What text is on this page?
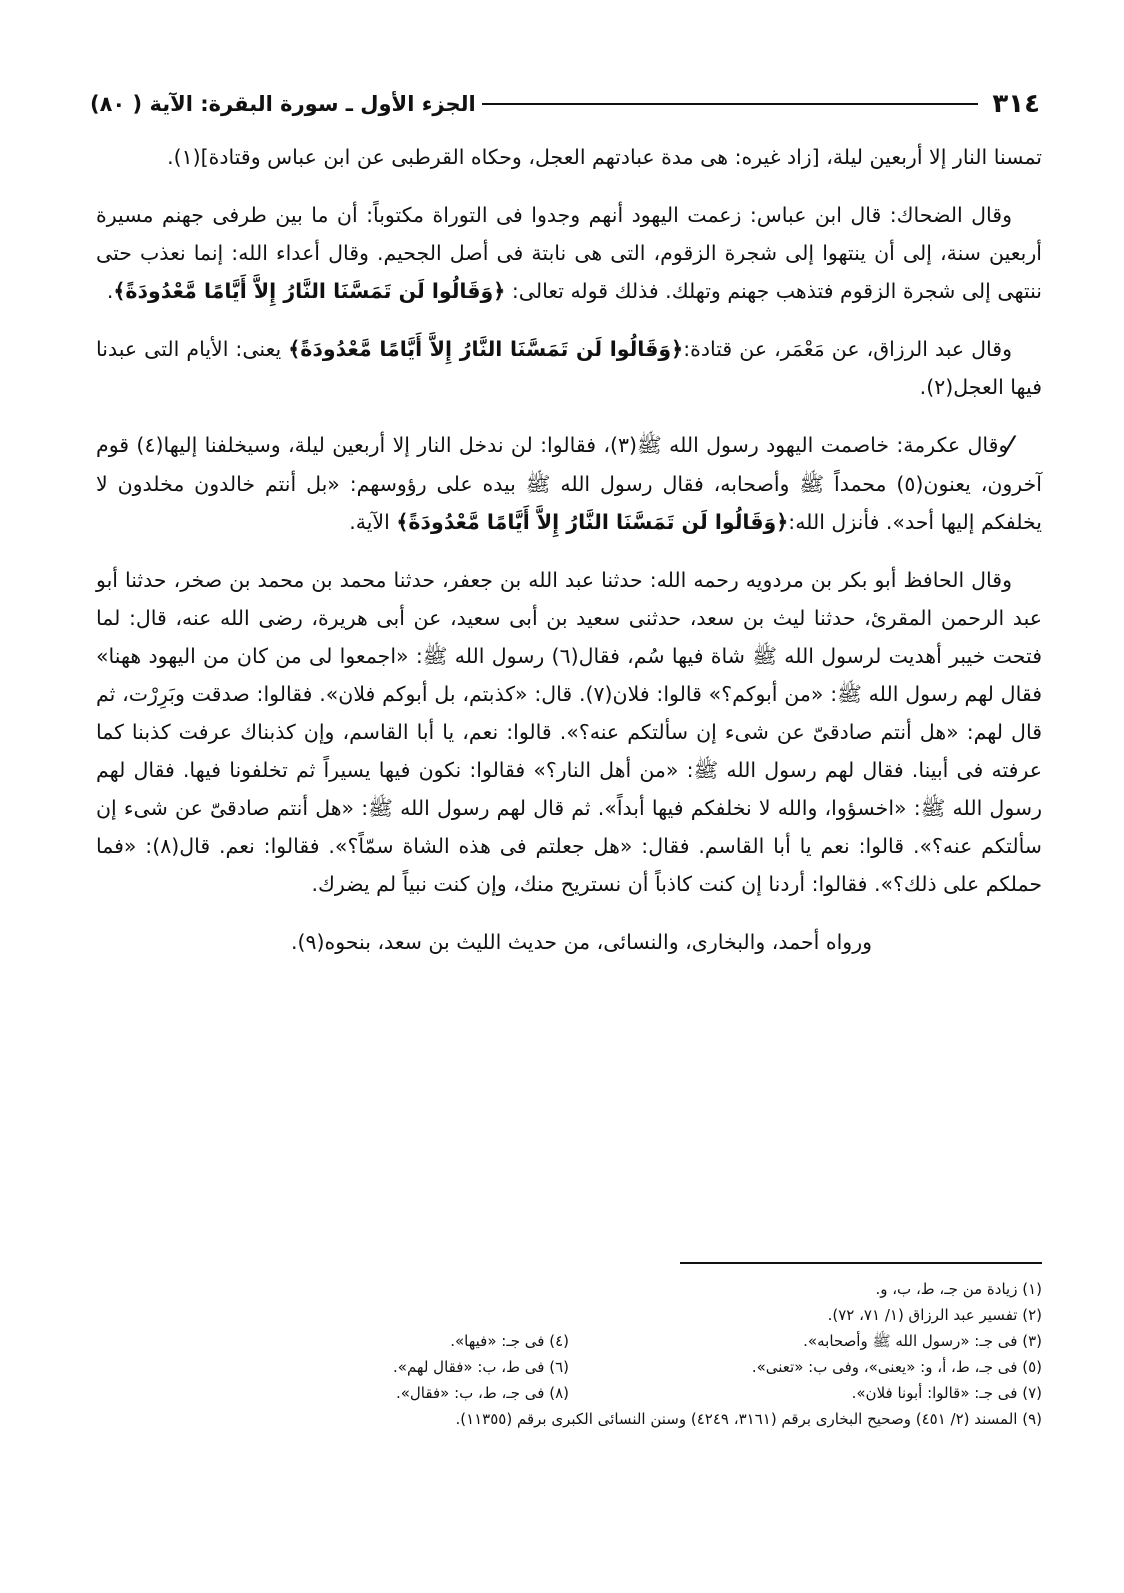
٣١٤
الجزء الأول ـ سورة البقرة: الآية ( ٨٠)

تمسنا النار إلا أربعين ليلة، [زاد غيره: هى مدة عبادتهم العجل، وحكاه القرطبى عن ابن عباس وقتادة](١).

وقال الضحاك: قال ابن عباس: زعمت اليهود أنهم وجدوا فى التوراة مكتوباً: أن ما بين طرفى جهنم مسيرة أربعين سنة، إلى أن ينتهوا إلى شجرة الزقوم، التى هى نابتة فى أصل الجحيم. وقال أعداء الله: إنما نعذب حتى ننتهى إلى شجرة الزقوم فتذهب جهنم وتهلك. فذلك قوله تعالى: ﴿وَقَالُوا لَن تَمَسَّنَا النَّارُ إِلاَّ أَيَّامًا مَّعْدُودَةً﴾.

وقال عبد الرزاق، عن مَعْمَر، عن قتادة:﴿وَقَالُوا لَن تَمَسَّنَا النَّارُ إِلاَّ أَيَّامًا مَّعْدُودَةً﴾ يعنى: الأيام التى عبدنا فيها العجل(٢).

⁄وقال عكرمة: خاصمت اليهود رسول الله ﷺ(٣)، فقالوا: لن ندخل النار إلا أربعين ليلة، وسيخلفنا إليها(٤) قوم آخرون، يعنون(٥) محمداً ﷺ وأصحابه، فقال رسول الله ﷺ بيده على رؤوسهم: «بل أنتم خالدون مخلدون لا يخلفكم إليها أحد». فأنزل الله:﴿وَقَالُوا لَن تَمَسَّنَا النَّارُ إِلاَّ أَيَّامًا مَّعْدُودَةً﴾ الآية.

وقال الحافظ أبو بكر بن مردويه رحمه الله: حدثنا عبد الله بن جعفر، حدثنا محمد بن محمد بن صخر، حدثنا أبو عبد الرحمن المقرئ، حدثنا ليث بن سعد، حدثنى سعيد بن أبى سعيد، عن أبى هريرة، رضى الله عنه، قال: لما فتحت خيبر أهديت لرسول الله ﷺ شاة فيها سُم، فقال(٦) رسول الله ﷺ: «اجمعوا لى من كان من اليهود ههنا» فقال لهم رسول الله ﷺ: «من أبوكم؟» قالوا: فلان(٧). قال: «كذبتم، بل أبوكم فلان». فقالوا: صدقت وبَرِرْت، ثم قال لهم: «هل أنتم صادقىّ عن شىء إن سألتكم عنه؟». قالوا: نعم، يا أبا القاسم، وإن كذبناك عرفت كذبنا كما عرفته فى أبينا. فقال لهم رسول الله ﷺ: «من أهل النار؟» فقالوا: نكون فيها يسيراً ثم تخلفونا فيها. فقال لهم رسول الله ﷺ: «اخسؤوا، والله لا نخلفكم فيها أبداً». ثم قال لهم رسول الله ﷺ: «هل أنتم صادقىّ عن شىء إن سألتكم عنه؟». قالوا: نعم يا أبا القاسم. فقال: «هل جعلتم فى هذه الشاة سمّاً؟». فقالوا: نعم. قال(٨): «فما حملكم على ذلك؟». فقالوا: أردنا إن كنت كاذباً أن نستريح منك، وإن كنت نبياً لم يضرك.

ورواه أحمد، والبخارى، والنسائى، من حديث الليث بن سعد، بنحوه(٩).

(١) زيادة من جـ، ط، ب، و.
(٢) تفسير عبد الرزاق (١/ ٧١، ٧٢).
(٣) فى جـ: «رسول الله ﷺ وأصحابه».
(٤) فى جـ: «فيها».
(٥) فى جـ، ط، أ، و: «يعنى»، وفى ب: «تعنى».
(٦) فى ط، ب: «فقال لهم».
(٧) فى جـ: «قالوا: أبونا فلان».
(٨) فى جـ، ط، ب: «فقال».
(٩) المسند (٢/ ٤٥١) وصحيح البخارى برقم (٣١٦١، ٤٢٤٩) وسنن النسائى الكبرى برقم (١١٣٥٥).
